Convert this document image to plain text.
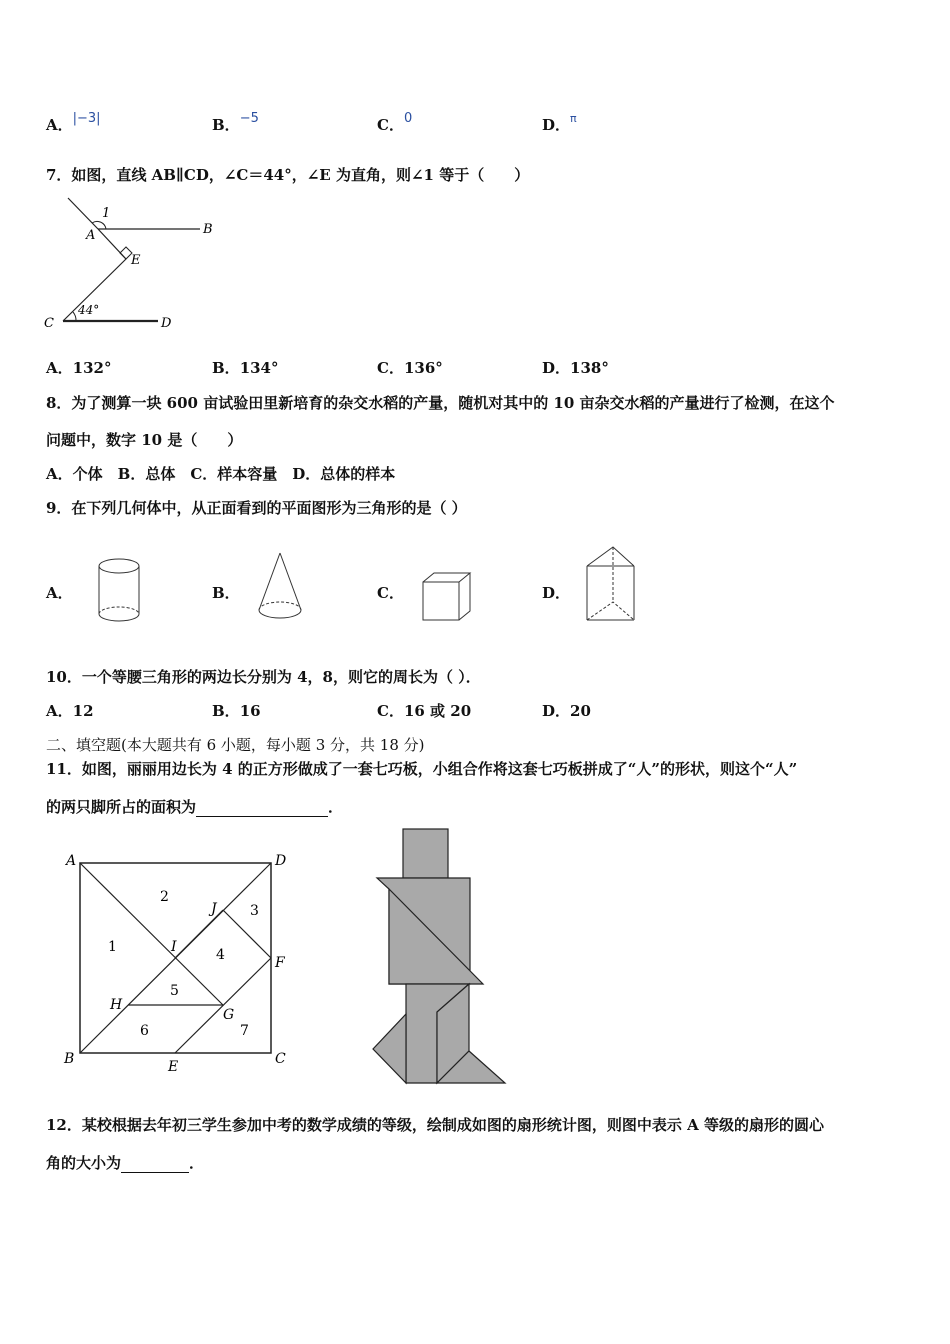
A．|−3|	B．−5	C．0	D．$^\pi$
7．如图，直线 AB∥CD，∠C＝44°，∠E 为直角，则∠1 等于（　　）
1
A	B
E
C	D
44°
A．132°	B．134°	C．136°	D．138°
8．为了测算一块 600 亩试验田里新培育的杂交水稻的产量，随机对其中的 10 亩杂交水稻的产量进行了检测，在这个
问题中，数字 10 是（　　）
A．个体　B．总体　C．样本容量　D．总体的样本
9．在下列几何体中，从正面看到的平面图形为三角形的是（ ）
A．	B．	C．	D．
10．一个等腰三角形的两边长分别为 4，8，则它的周长为（ ）．
A．12	B．16	C．16 或 20	D．20
二、填空题(本大题共有 6 小题，每小题 3 分，共 18 分)
11．如图，丽丽用边长为 4 的正方形做成了一套七巧板，小组合作将这套七巧板拼成了“人”的形状，则这个“人”
的两只脚所占的面积为	．
A	D
B	C
E
F
G
H
I
J
1
2
3
4
5
6	7
12．某校根据去年初三学生参加中考的数学成绩的等级，绘制成如图的扇形统计图，则图中表示 A 等级的扇形的圆心
角的大小为	．
